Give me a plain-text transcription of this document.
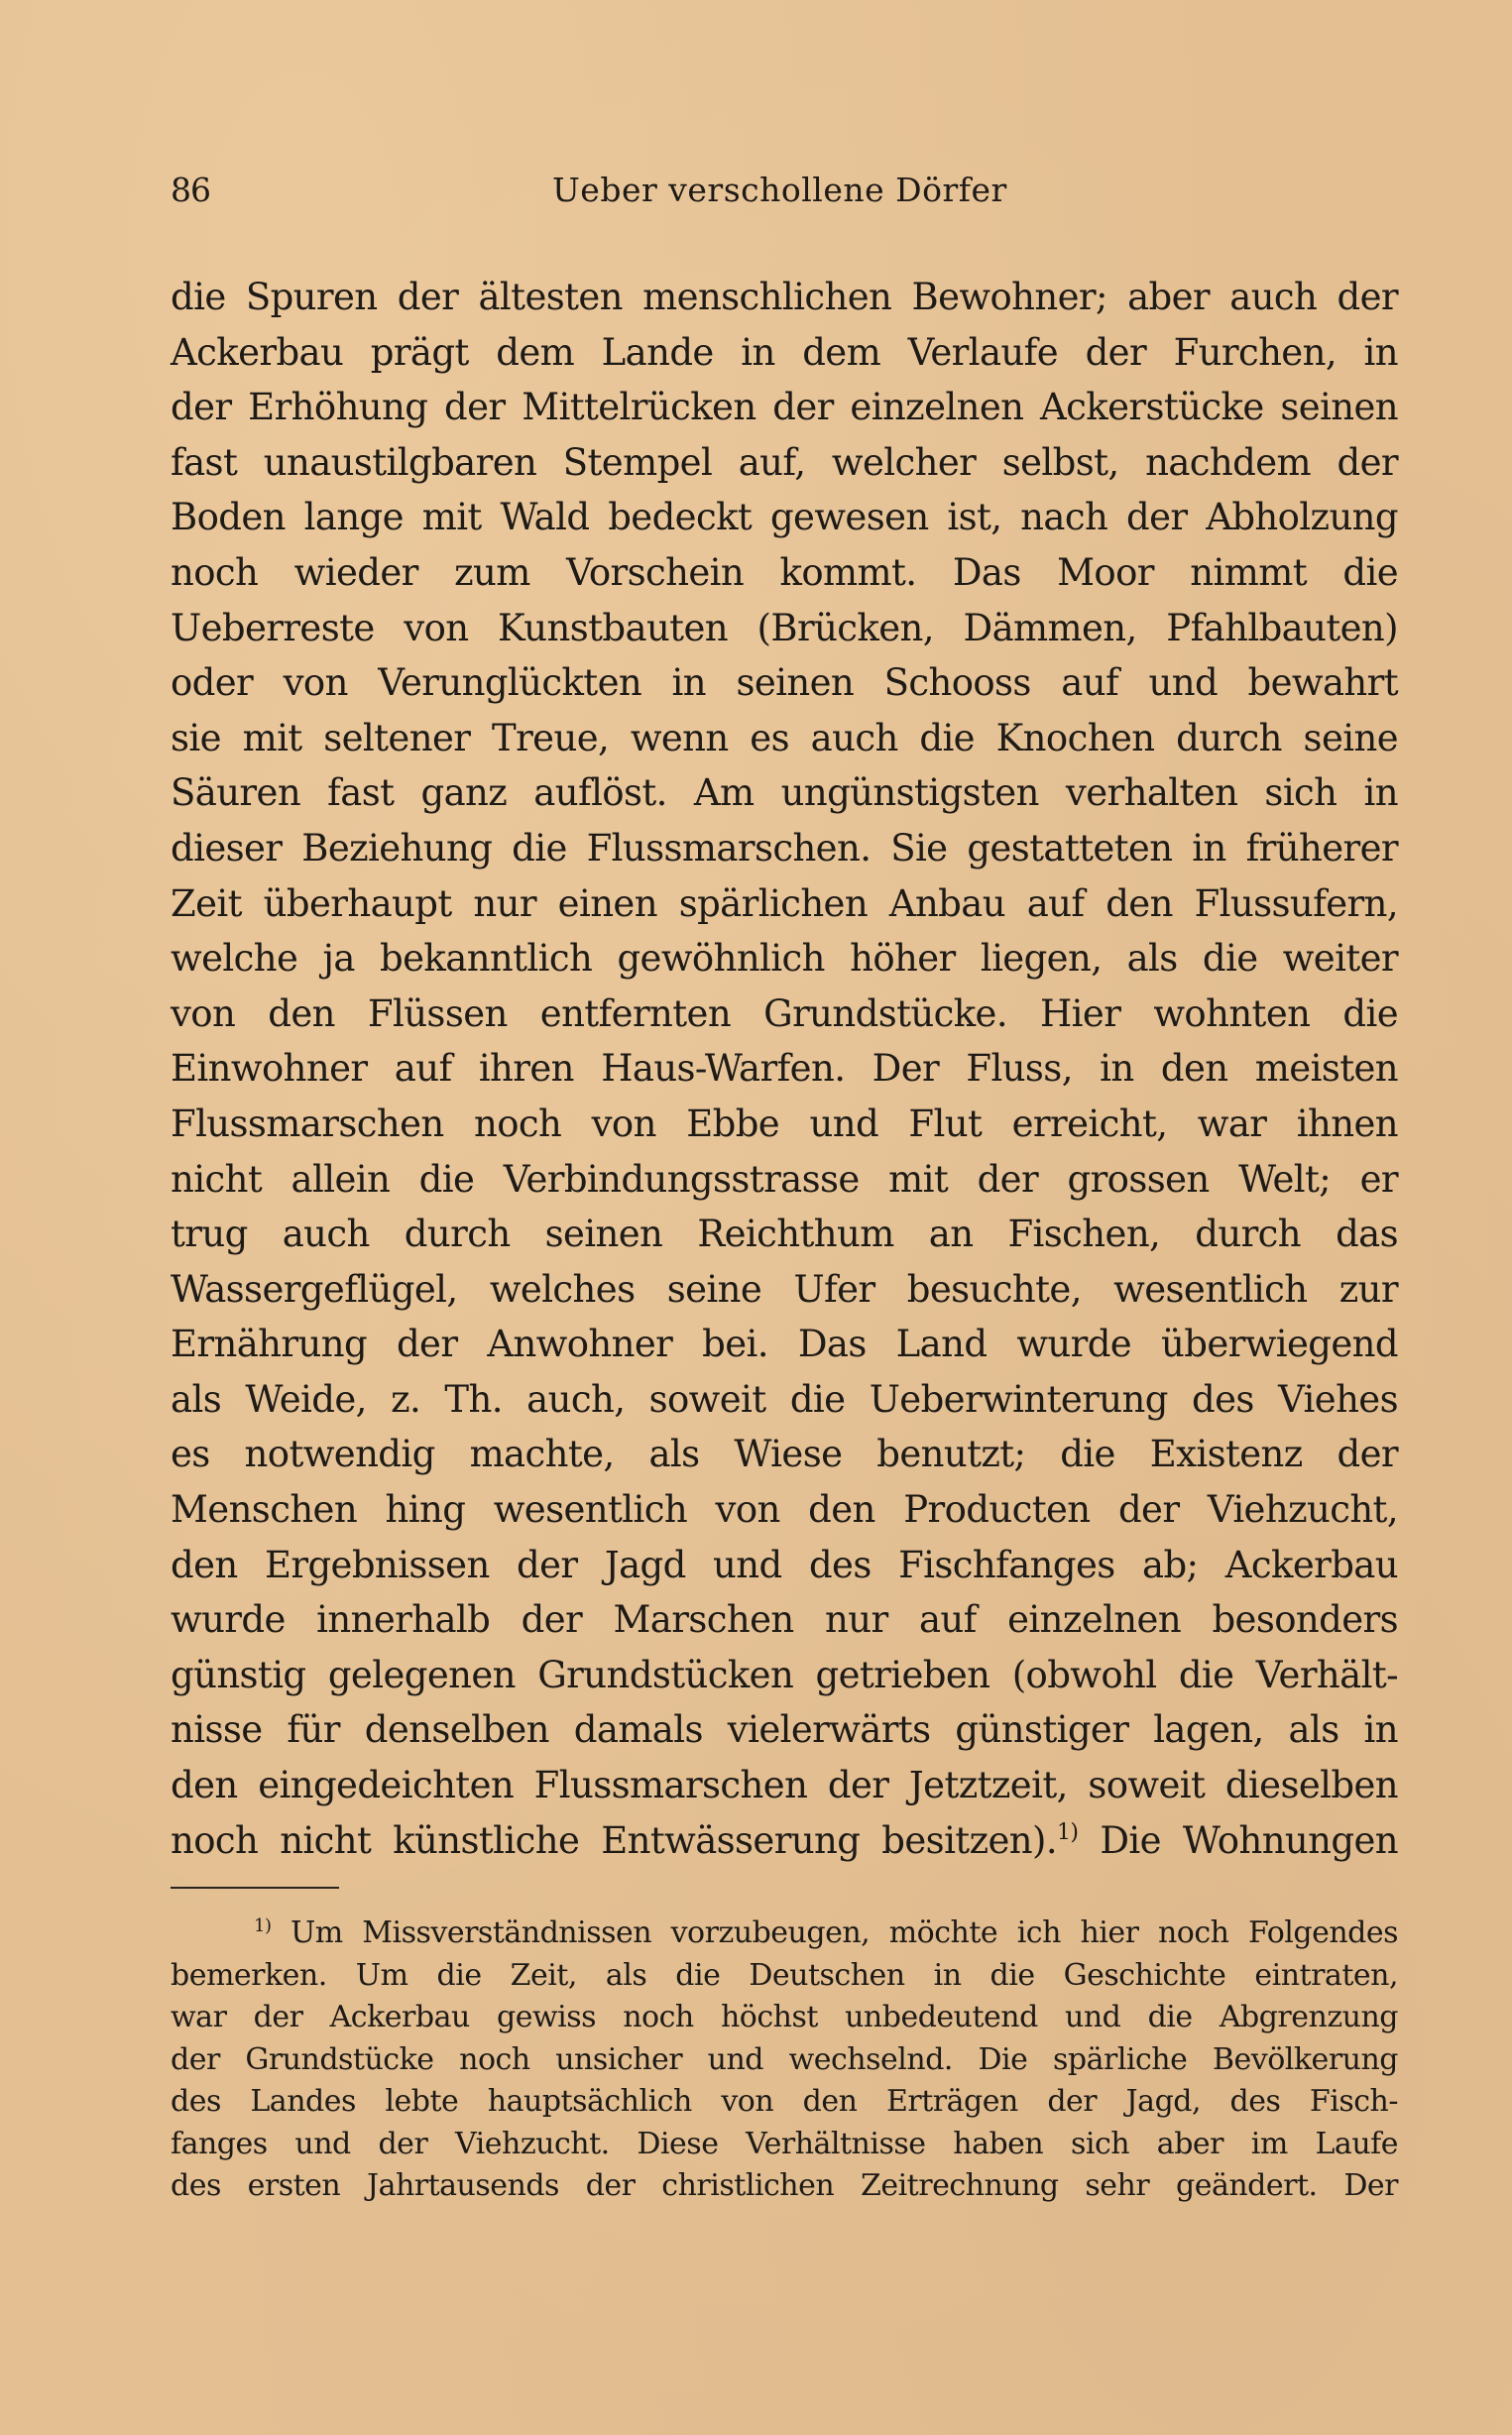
86	Ueber verschollene Dörfer
die Spuren der ältesten menschlichen Bewohner; aber auch der
Ackerbau prägt dem Lande in dem Verlaufe der Furchen, in
der Erhöhung der Mittelrücken der einzelnen Ackerstücke seinen
fast unaustilgbaren Stempel auf, welcher selbst, nachdem der
Boden lange mit Wald bedeckt gewesen ist, nach der Abholzung
noch wieder zum Vorschein kommt. Das Moor nimmt die
Ueberreste von Kunstbauten (Brücken, Dämmen, Pfahlbauten)
oder von Verunglückten in seinen Schooss auf und bewahrt
sie mit seltener Treue, wenn es auch die Knochen durch seine
Säuren fast ganz auflöst. Am ungünstigsten verhalten sich in
dieser Beziehung die Flussmarschen. Sie gestatteten in früherer
Zeit überhaupt nur einen spärlichen Anbau auf den Flussufern,
welche ja bekanntlich gewöhnlich höher liegen, als die weiter
von den Flüssen entfernten Grundstücke. Hier wohnten die
Einwohner auf ihren Haus-Warfen. Der Fluss, in den meisten
Flussmarschen noch von Ebbe und Flut erreicht, war ihnen
nicht allein die Verbindungsstrasse mit der grossen Welt; er
trug auch durch seinen Reichthum an Fischen, durch das
Wassergeflügel, welches seine Ufer besuchte, wesentlich zur
Ernährung der Anwohner bei. Das Land wurde überwiegend
als Weide, z. Th. auch, soweit die Ueberwinterung des Viehes
es notwendig machte, als Wiese benutzt; die Existenz der
Menschen hing wesentlich von den Producten der Viehzucht,
den Ergebnissen der Jagd und des Fischfanges ab; Ackerbau
wurde innerhalb der Marschen nur auf einzelnen besonders
günstig gelegenen Grundstücken getrieben (obwohl die Verhält-
nisse für denselben damals vielerwärts günstiger lagen, als in
den eingedeichten Flussmarschen der Jetztzeit, soweit dieselben
noch nicht künstliche Entwässerung besitzen).$^{1)}$ Die Wohnungen
$^{1)}$ Um Missverständnissen vorzubeugen, möchte ich hier noch Folgendes
bemerken. Um die Zeit, als die Deutschen in die Geschichte eintraten,
war der Ackerbau gewiss noch höchst unbedeutend und die Abgrenzung
der Grundstücke noch unsicher und wechselnd. Die spärliche Bevölkerung
des Landes lebte hauptsächlich von den Erträgen der Jagd, des Fisch-
fanges und der Viehzucht. Diese Verhältnisse haben sich aber im Laufe
des ersten Jahrtausends der christlichen Zeitrechnung sehr geändert. Der
